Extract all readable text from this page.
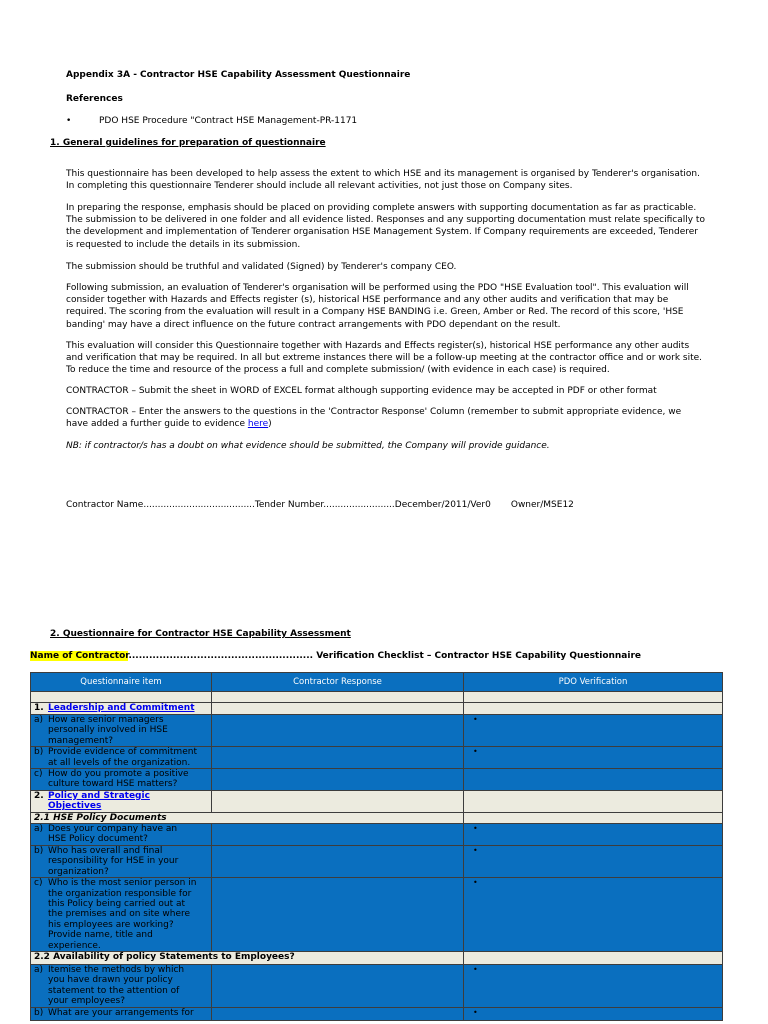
Appendix 3A - Contractor HSE Capability Assessment Questionnaire
References
•	PDO HSE Procedure "Contract HSE Management-PR-1171
1. General guidelines for preparation of questionnaire
This questionnaire has been developed to help assess the extent to which HSE and its management is organised by Tenderer's organisation. In completing this questionnaire Tenderer should include all relevant activities, not just those on Company sites.
In preparing the response, emphasis should be placed on providing complete answers with supporting documentation as far as practicable. The submission to be delivered in one folder and all evidence listed. Responses and any supporting documentation must relate specifically to the development and implementation of Tenderer organisation HSE Management System. If Company requirements are exceeded, Tenderer is requested to include the details in its submission.
The submission should be truthful and validated (Signed) by Tenderer's company CEO.
Following submission, an evaluation of Tenderer's organisation will be performed using the PDO "HSE Evaluation tool". This evaluation will consider together with Hazards and Effects register (s), historical HSE performance and any other audits and verification that may be required. The scoring from the evaluation will result in a Company HSE BANDING i.e. Green, Amber or Red. The record of this score, 'HSE banding' may have a direct influence on the future contract arrangements with PDO dependant on the result.
This evaluation will consider this Questionnaire together with Hazards and Effects register(s), historical HSE performance any other audits and verification that may be required. In all but extreme instances there will be a follow-up meeting at the contractor office and or work site. To reduce the time and resource of the process a full and complete submission/ (with evidence in each case) is required.
CONTRACTOR – Submit the sheet in WORD of EXCEL format although supporting evidence may be accepted in PDF or other format
CONTRACTOR – Enter the answers to the questions in the 'Contractor Response' Column (remember to submit appropriate evidence, we have added a further guide to evidence here)
NB: if contractor/s has a doubt on what evidence should be submitted, the Company will provide guidance.
Contractor Name.......................................Tender Number.........................December/2011/Ver0       Owner/MSE12
2. Questionnaire for Contractor HSE Capability Assessment
Name of Contractor...................................................... Verification Checklist – Contractor HSE Capability Questionnaire
Questionnaire item	Contractor Response	PDO Verification

1. Leadership and Commitment		
a) How are senior managers personally involved in HSE management?		•
b) Provide evidence of commitment at all levels of the organization.		•
c) How do you promote a positive culture toward HSE matters?		
2. Policy and Strategic Objectives		
2.1 HSE Policy Documents		
a) Does your company have an HSE Policy document?		•
b) Who has overall and final responsibility for HSE in your organization?		•
c) Who is the most senior person in the organization responsible for this Policy being carried out at the premises and on site where his employees are working? Provide name, title and experience.		•
2.2 Availability of policy Statements to Employees?		
a) Itemise the methods by which you have drawn your policy statement to the attention of your employees?		•
b) What are your arrangements for		•
